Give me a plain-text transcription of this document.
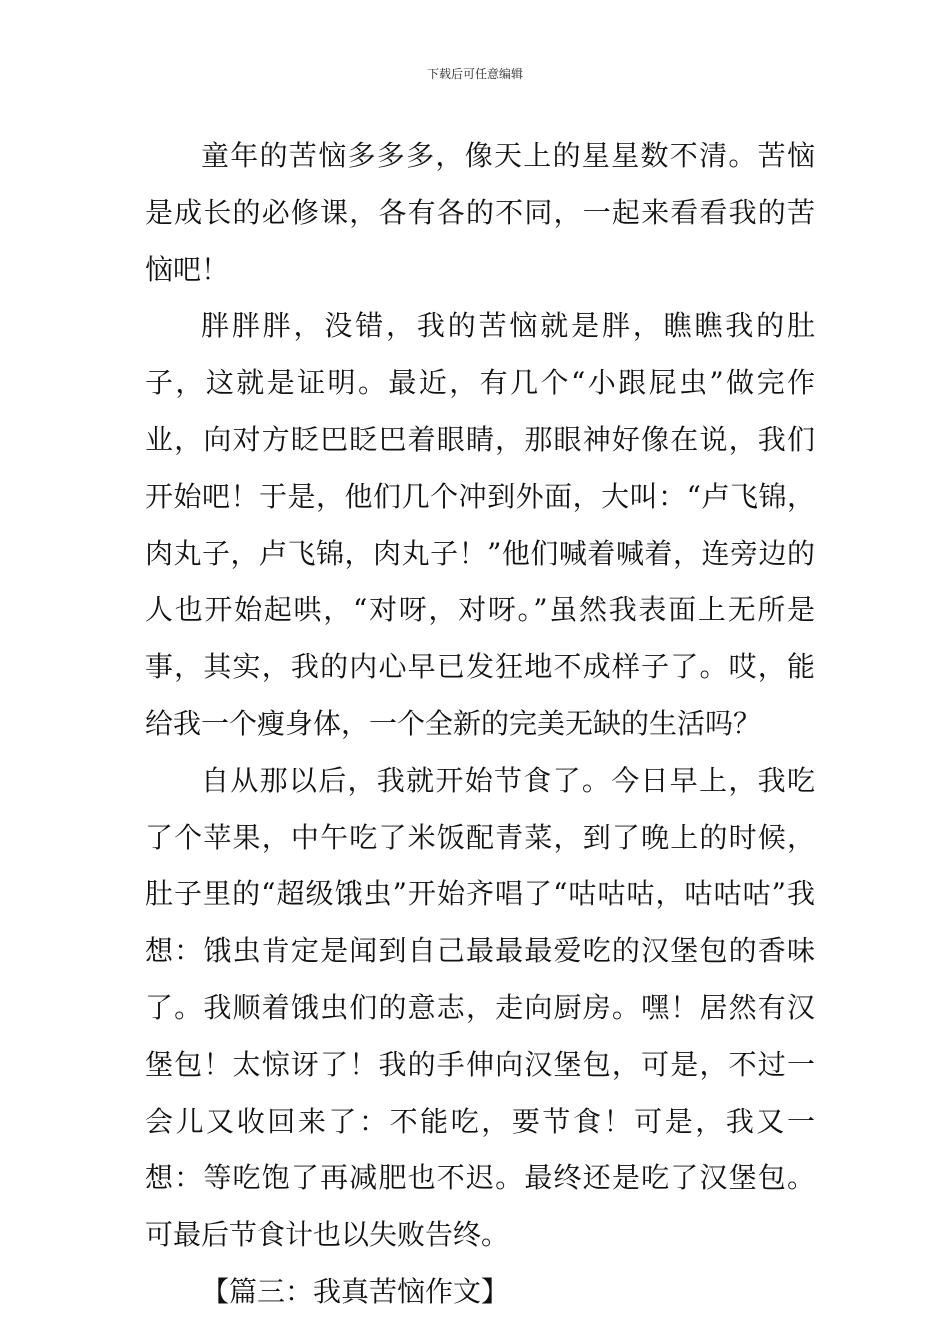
下载后可任意编辑

童年的苦恼多多多，像天上的星星数不清。苦恼是成长的必修课，各有各的不同，一起来看看我的苦恼吧！

胖胖胖，没错，我的苦恼就是胖，瞧瞧我的肚子，这就是证明。最近，有几个“小跟屁虫”做完作业，向对方眨巴眨巴着眼睛，那眼神好像在说，我们开始吧！于是，他们几个冲到外面，大叫：“卢飞锦，肉丸子，卢飞锦，肉丸子！”他们喊着喊着，连旁边的人也开始起哄，“对呀，对呀。”虽然我表面上无所是事，其实，我的内心早已发狂地不成样子了。哎，能给我一个瘦身体，一个全新的完美无缺的生活吗？

自从那以后，我就开始节食了。今日早上，我吃了个苹果，中午吃了米饭配青菜，到了晚上的时候，肚子里的“超级饿虫”开始齐唱了“咕咕咕，咕咕咕”我想：饿虫肯定是闻到自己最最最爱吃的汉堡包的香味了。我顺着饿虫们的意志，走向厨房。嘿！居然有汉堡包！太惊讶了！我的手伸向汉堡包，可是，不过一会儿又收回来了：不能吃，要节食！可是，我又一想：等吃饱了再减肥也不迟。最终还是吃了汉堡包。可最后节食计也以失败告终。

【篇三：我真苦恼作文】
